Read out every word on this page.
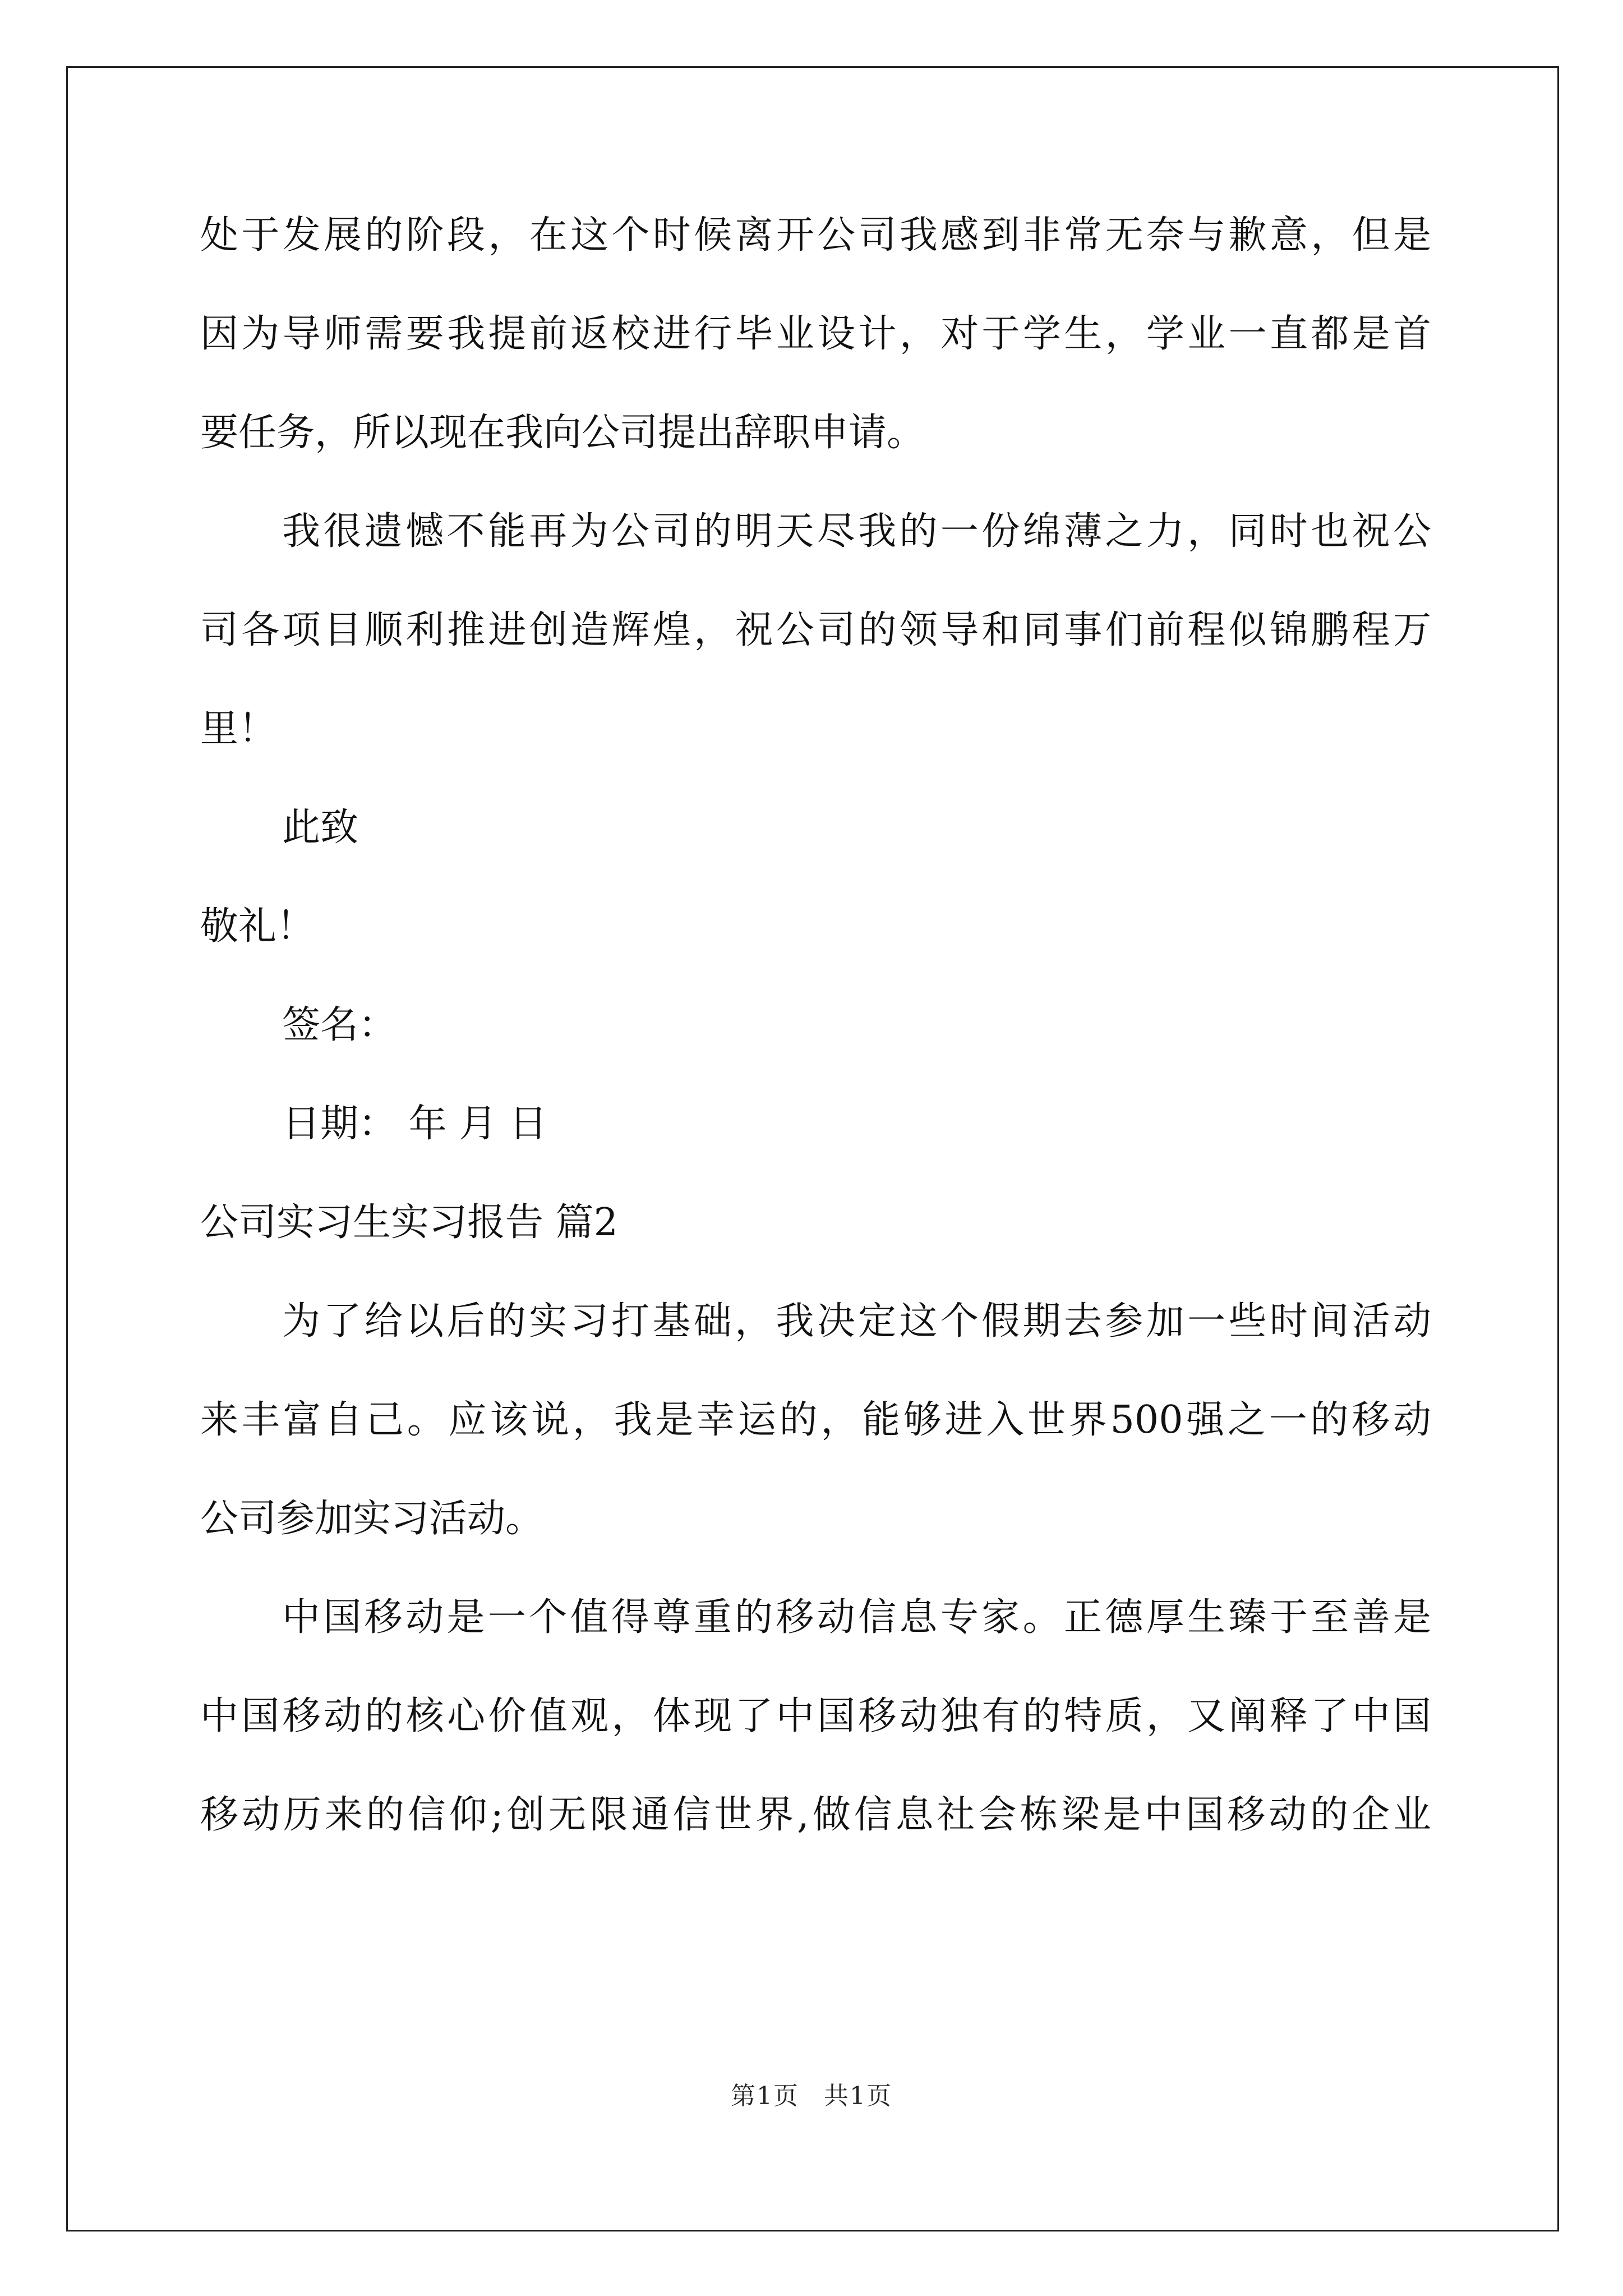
处于发展的阶段，在这个时候离开公司我感到非常无奈与歉意，但是
因为导师需要我提前返校进行毕业设计，对于学生，学业一直都是首
要任务，所以现在我向公司提出辞职申请。
我很遗憾不能再为公司的明天尽我的一份绵薄之力，同时也祝公
司各项目顺利推进创造辉煌，祝公司的领导和同事们前程似锦鹏程万
里！
此致
敬礼！
签名：
日期： 年 月 日
公司实习生实习报告 篇2
为了给以后的实习打基础，我决定这个假期去参加一些时间活动
来丰富自己。应该说，我是幸运的，能够进入世界500强之一的移动
公司参加实习活动。
中国移动是一个值得尊重的移动信息专家。正德厚生臻于至善是
中国移动的核心价值观，体现了中国移动独有的特质，又阐释了中国
移动历来的信仰;创无限通信世界,做信息社会栋梁是中国移动的企业
第1页 共1页
